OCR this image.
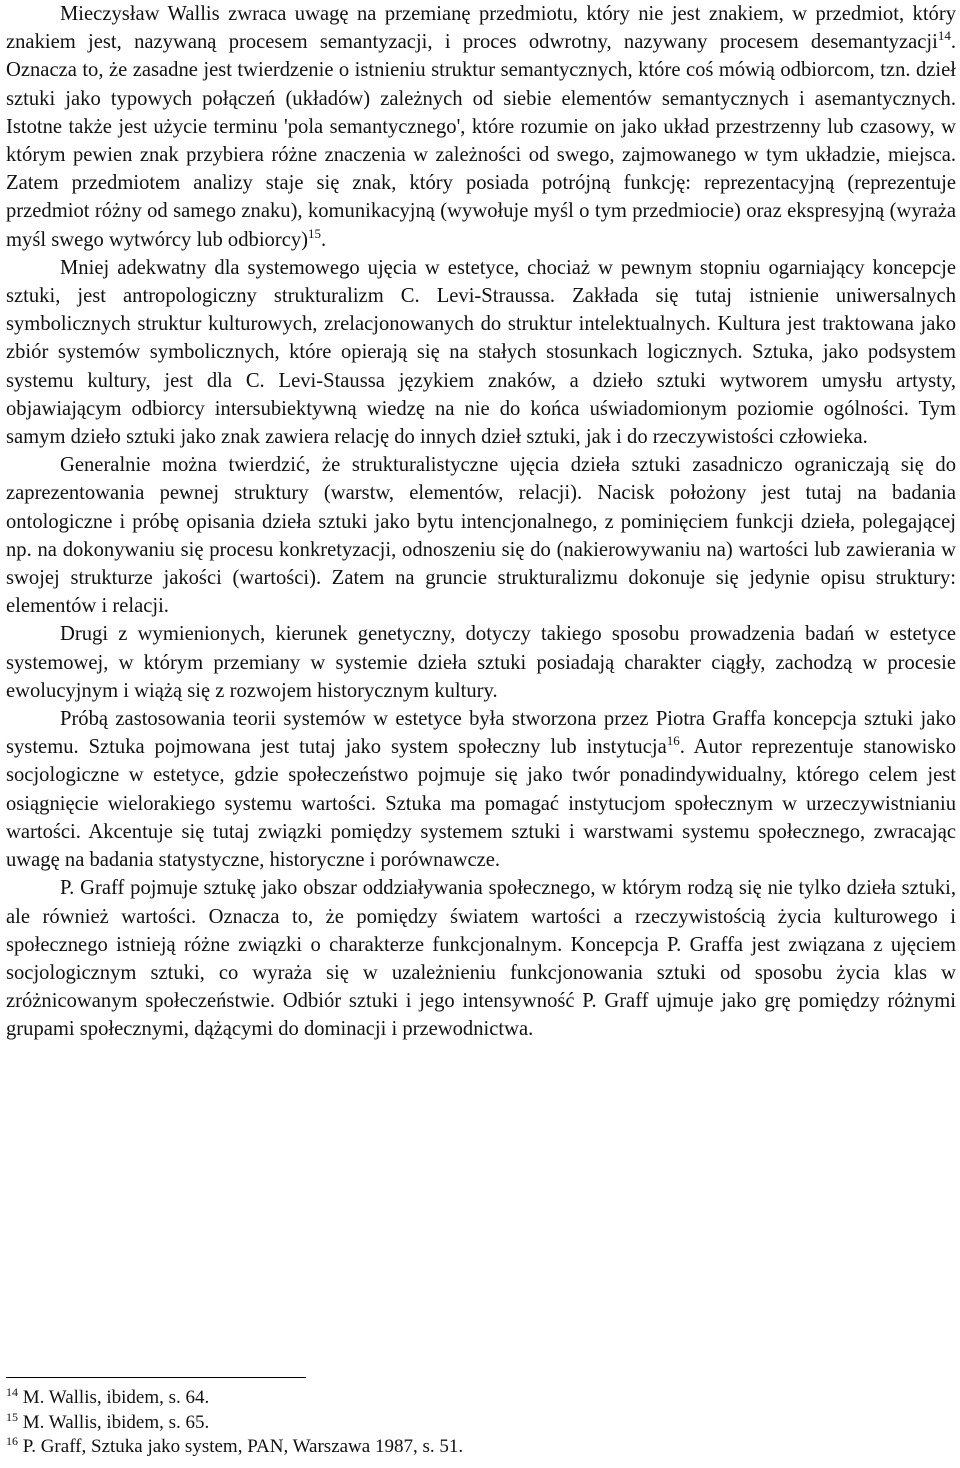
Mieczysław Wallis zwraca uwagę na przemianę przedmiotu, który nie jest znakiem, w przedmiot, który znakiem jest, nazywaną procesem semantyzacji, i proces odwrotny, nazywany procesem desemantyzacji$^{14}$. Oznacza to, że zasadne jest twierdzenie o istnieniu struktur semantycznych, które coś mówią odbiorcom, tzn. dzieł sztuki jako typowych połączeń (układów) zależnych od siebie elementów semantycznych i asemantycznych. Istotne także jest użycie terminu 'pola semantycznego', które rozumie on jako układ przestrzenny lub czasowy, w którym pewien znak przybiera różne znaczenia w zależności od swego, zajmowanego w tym układzie, miejsca. Zatem przedmiotem analizy staje się znak, który posiada potrójną funkcję: reprezentacyjną (reprezentuje przedmiot różny od samego znaku), komunikacyjną (wywołuje myśl o tym przedmiocie) oraz ekspresyjną (wyraża myśl swego wytwórcy lub odbiorcy)$^{15}$.

Mniej adekwatny dla systemowego ujęcia w estetyce, chociaż w pewnym stopniu ogarniający koncepcje sztuki, jest antropologiczny strukturalizm C. Levi-Straussa. Zakłada się tutaj istnienie uniwersalnych symbolicznych struktur kulturowych, zrelacjonowanych do struktur intelektualnych. Kultura jest traktowana jako zbiór systemów symbolicznych, które opierają się na stałych stosunkach logicznych. Sztuka, jako podsystem systemu kultury, jest dla C. Levi-Staussa językiem znaków, a dzieło sztuki wytworem umysłu artysty, objawiającym odbiorcy intersubiektywną wiedzę na nie do końca uświadomionym poziomie ogólności. Tym samym dzieło sztuki jako znak zawiera relację do innych dzieł sztuki, jak i do rzeczywistości człowieka.

Generalnie można twierdzić, że strukturalistyczne ujęcia dzieła sztuki zasadniczo ograniczają się do zaprezentowania pewnej struktury (warstw, elementów, relacji). Nacisk położony jest tutaj na badania ontologiczne i próbę opisania dzieła sztuki jako bytu intencjonalnego, z pominięciem funkcji dzieła, polegającej np. na dokonywaniu się procesu konkretyzacji, odnoszeniu się do (nakierowywaniu na) wartości lub zawierania w swojej strukturze jakości (wartości). Zatem na gruncie strukturalizmu dokonuje się jedynie opisu struktury: elementów i relacji.

Drugi z wymienionych, kierunek genetyczny, dotyczy takiego sposobu prowadzenia badań w estetyce systemowej, w którym przemiany w systemie dzieła sztuki posiadają charakter ciągły, zachodzą w procesie ewolucyjnym i wiążą się z rozwojem historycznym kultury.

Próbą zastosowania teorii systemów w estetyce była stworzona przez Piotra Graffa koncepcja sztuki jako systemu. Sztuka pojmowana jest tutaj jako system społeczny lub instytucja$^{16}$. Autor reprezentuje stanowisko socjologiczne w estetyce, gdzie społeczeństwo pojmuje się jako twór ponadindywidualny, którego celem jest osiągnięcie wielorakiego systemu wartości. Sztuka ma pomagać instytucjom społecznym w urzeczywistnianiu wartości. Akcentuje się tutaj związki pomiędzy systemem sztuki i warstwami systemu społecznego, zwracając uwagę na badania statystyczne, historyczne i porównawcze.

P. Graff pojmuje sztukę jako obszar oddziaływania społecznego, w którym rodzą się nie tylko dzieła sztuki, ale również wartości. Oznacza to, że pomiędzy światem wartości a rzeczywistością życia kulturowego i społecznego istnieją różne związki o charakterze funkcjonalnym. Koncepcja P. Graffa jest związana z ujęciem socjologicznym sztuki, co wyraża się w uzależnieniu funkcjonowania sztuki od sposobu życia klas w zróżnicowanym społeczeństwie. Odbiór sztuki i jego intensywność P. Graff ujmuje jako grę pomiędzy różnymi grupami społecznymi, dążącymi do dominacji i przewodnictwa.

$^{14}$ M. Wallis, ibidem, s. 64.
$^{15}$ M. Wallis, ibidem, s. 65.
$^{16}$ P. Graff, Sztuka jako system, PAN, Warszawa 1987, s. 51.
